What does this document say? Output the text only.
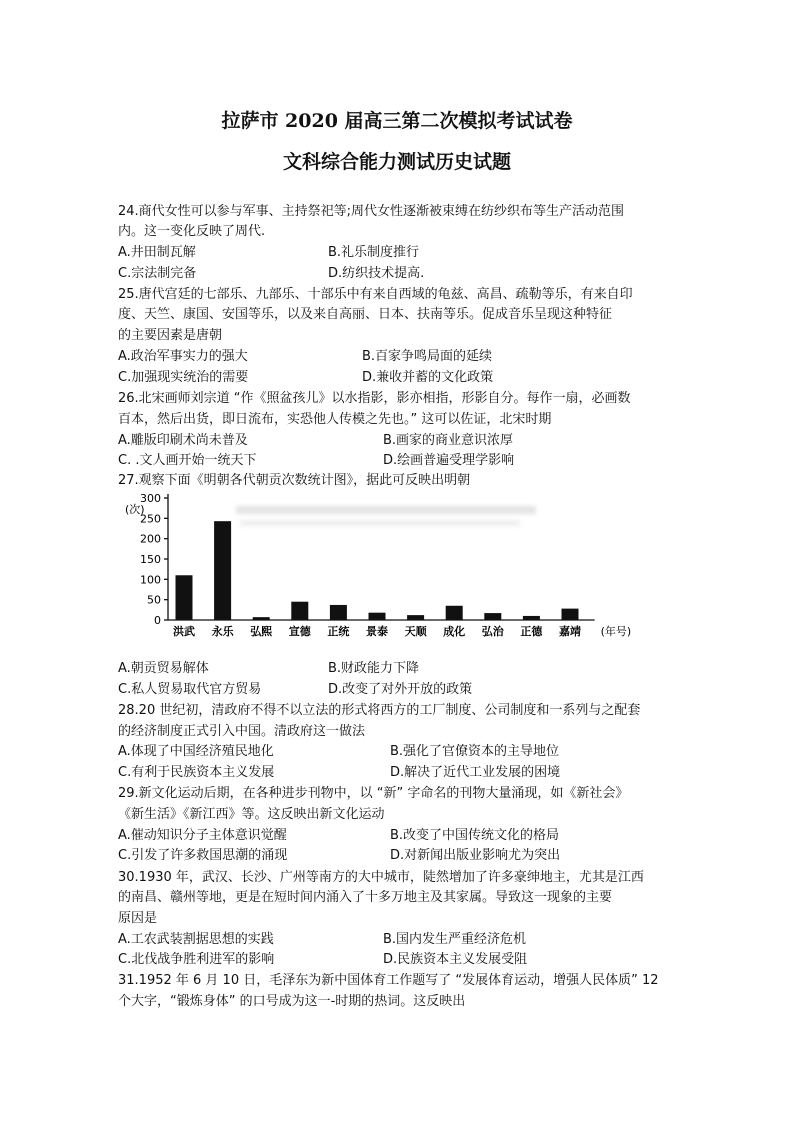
拉萨市 2020 届高三第二次模拟考试试卷
文科综合能力测试历史试题
24.商代女性可以参与军事、主持祭祀等;周代女性逐渐被束缚在纺纱织布等生产活动范围
内。这一变化反映了周代.
A.井田制瓦解	B.礼乐制度推行
C.宗法制完备	D.纺织技术提高.
25.唐代宫廷的七部乐、九部乐、十部乐中有来自西域的龟兹、高昌、疏勒等乐，有来自印
度、天竺、康国、安国等乐，以及来自高丽、日本、扶南等乐。促成音乐呈现这种特征
的主要因素是唐朝
A.政治军事实力的强大	B.百家争鸣局面的延续
C.加强现实统治的需要	D.兼收并蓄的文化政策
26.北宋画师刘宗道 “作《照盆孩儿》以水指影，影亦相指，形影自分。每作一扇，必画数
百本，然后出货，即日流布，实恐他人传模之先也。” 这可以佐证，北宋时期
A.雕版印刷术尚未普及	B.画家的商业意识浓厚
C. .文人画开始一统天下	D.绘画普遍受理学影响
27.观察下面《明朝各代朝贡次数统计图》，据此可反映出明朝
0
50
100
150
200
250
300
(次)
洪武 永乐 弘熙 宣德 正统 景泰 天顺 成化 弘治 正德 嘉靖 (年号)
A.朝贡贸易解体	B.财政能力下降
C.私人贸易取代官方贸易	D.改变了对外开放的政策
28.20 世纪初，清政府不得不以立法的形式将西方的工厂制度、公司制度和一系列与之配套
的经济制度正式引入中国。清政府这一做法
A.体现了中国经济殖民地化	B.强化了官僚资本的主导地位
C.有利于民族资本主义发展	D.解决了近代工业发展的困境
29.新文化运动后期，在各种进步刊物中，以 “新” 字命名的刊物大量涌现，如《新社会》
《新生活》《新江西》等。这反映出新文化运动
A.催动知识分子主体意识觉醒	B.改变了中国传统文化的格局
C.引发了许多救国思潮的涌现	D.对新闻出版业影响尤为突出
30.1930 年，武汉、长沙、广州等南方的大中城市，陡然增加了许多豪绅地主，尤其是江西
的南昌、赣州等地，更是在短时间内涌入了十多万地主及其家属。导致这一现象的主要
原因是
A.工农武装割据思想的实践	B.国内发生严重经济危机
C.北伐战争胜利进军的影响	D.民族资本主义发展受阻
31.1952 年 6 月 10 日，毛泽东为新中国体育工作题写了 “发展体育运动，增强人民体质” 12
个大字，“锻炼身体” 的口号成为这一-时期的热词。这反映出
